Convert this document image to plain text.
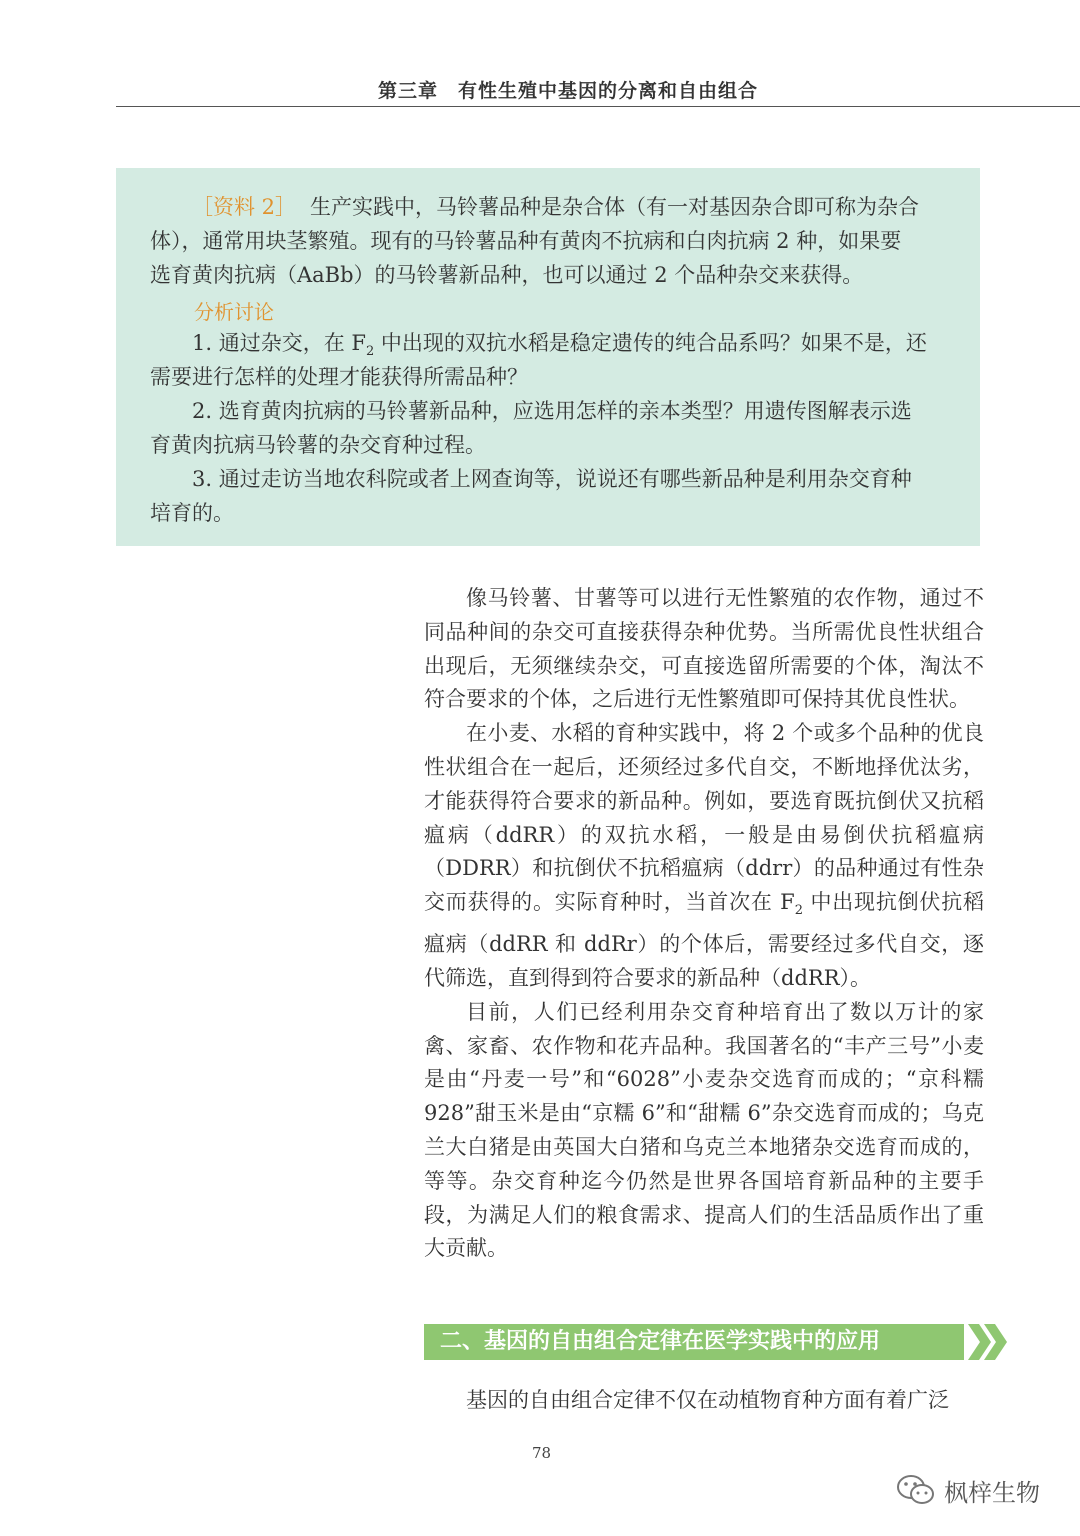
第三章　有性生殖中基因的分离和自由组合

［资料 2］ 生产实践中，马铃薯品种是杂合体（有一对基因杂合即可称为杂合

体），通常用块茎繁殖。现有的马铃薯品种有黄肉不抗病和白肉抗病 2 种，如果要

选育黄肉抗病（AaBb）的马铃薯新品种，也可以通过 2 个品种杂交来获得。

分析讨论

1. 通过杂交，在 $F_2$ 中出现的双抗水稻是稳定遗传的纯合品系吗？如果不是，还

需要进行怎样的处理才能获得所需品种？

2. 选育黄肉抗病的马铃薯新品种，应选用怎样的亲本类型？用遗传图解表示选

育黄肉抗病马铃薯的杂交育种过程。

3. 通过走访当地农科院或者上网查询等，说说还有哪些新品种是利用杂交育种

培育的。

像马铃薯、甘薯等可以进行无性繁殖的农作物，通过不同品种间的杂交可直接获得杂种优势。当所需优良性状组合出现后，无须继续杂交，可直接选留所需要的个体，淘汰不符合要求的个体，之后进行无性繁殖即可保持其优良性状。

在小麦、水稻的育种实践中，将 2 个或多个品种的优良性状组合在一起后，还须经过多代自交，不断地择优汰劣，才能获得符合要求的新品种。例如，要选育既抗倒伏又抗稻瘟病（ddRR）的双抗水稻，一般是由易倒伏抗稻瘟病（DDRR）和抗倒伏不抗稻瘟病（ddrr）的品种通过有性杂交而获得的。实际育种时，当首次在 $F_2$ 中出现抗倒伏抗稻瘟病（ddRR 和 ddRr）的个体后，需要经过多代自交，逐代筛选，直到得到符合要求的新品种（ddRR）。

目前，人们已经利用杂交育种培育出了数以万计的家禽、家畜、农作物和花卉品种。我国著名的“丰产三号”小麦是由“丹麦一号”和“6028”小麦杂交选育而成的；“京科糯 928”甜玉米是由“京糯 6”和“甜糯 6”杂交选育而成的；乌克兰大白猪是由英国大白猪和乌克兰本地猪杂交选育而成的，等等。杂交育种迄今仍然是世界各国培育新品种的主要手段，为满足人们的粮食需求、提高人们的生活品质作出了重大贡献。

二、基因的自由组合定律在医学实践中的应用

基因的自由组合定律不仅在动植物育种方面有着广泛

78
枫梓生物
